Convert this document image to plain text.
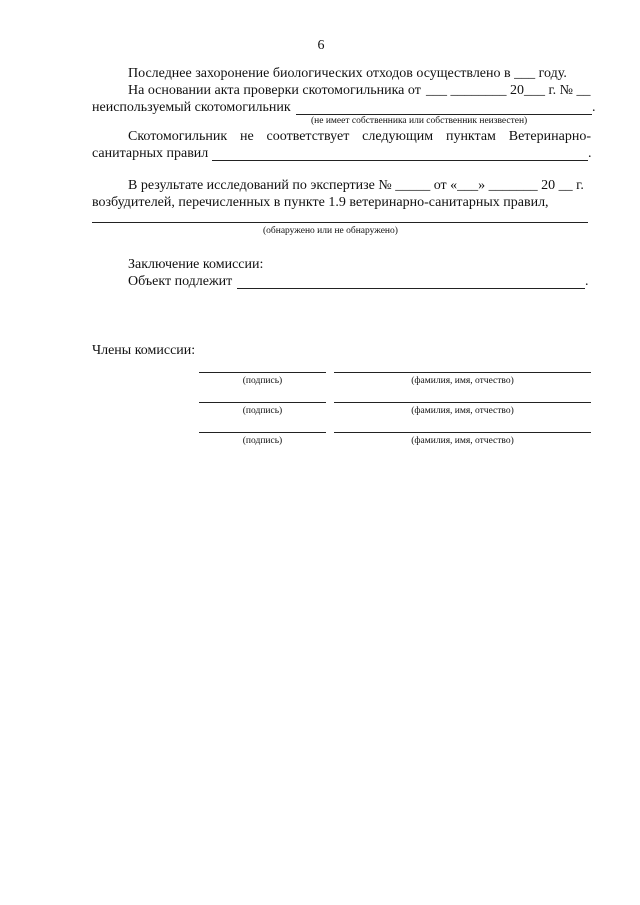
6
Последнее захоронение биологических отходов осуществлено в ___ году.
На основании акта проверки скотомогильника от ___ ________ 20___ г. № __
неиспользуемый скотомогильник	.
(не имеет собственника или собственник неизвестен)
Скотомогильник не соответствует следующим пунктам Ветеринарно-
санитарных правил	.
В результате исследований по экспертизе № _____ от «___» _______ 20 __ г.
возбудителей, перечисленных в пункте 1.9 ветеринарно-санитарных правил,
(обнаружено или не обнаружено)
Заключение комиссии:
Объект подлежит	.
Члены комиссии:
(подпись)	(фамилия, имя, отчество)
(подпись)	(фамилия, имя, отчество)
(подпись)	(фамилия, имя, отчество)
